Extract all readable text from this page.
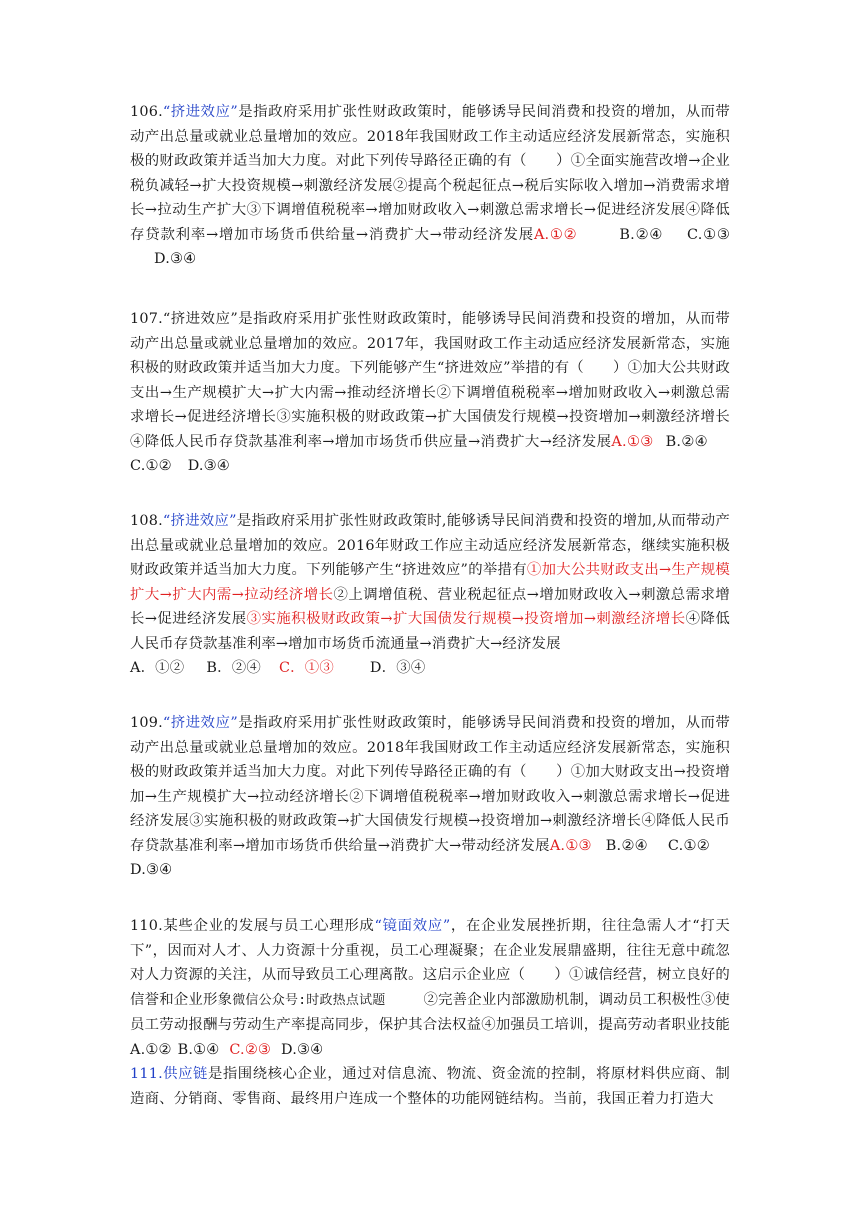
106.“挤进效应”是指政府采用扩张性财政政策时，能够诱导民间消费和投资的增加，从而带动产出总量或就业总量增加的效应。2018年我国财政工作主动适应经济发展新常态，实施积极的财政政策并适当加大力度。对此下列传导路径正确的有（　　）①全面实施营改增→企业税负减轻→扩大投资规模→刺激经济发展②提高个税起征点→税后实际收入增加→消费需求增长→拉动生产扩大③下调增值税税率→增加财政收入→刺激总需求增长→促进经济发展④降低存贷款利率→增加市场货币供给量→消费扩大→带动经济发展A.①②	B.②④ C.①③D.③④

107.“挤进效应”是指政府采用扩张性财政政策时，能够诱导民间消费和投资的增加，从而带动产出总量或就业总量增加的效应。2017年，我国财政工作主动适应经济发展新常态，实施积极的财政政策并适当加大力度。下列能够产生“挤进效应”举措的有（　　）①加大公共财政支出→生产规模扩大→扩大内需→推动经济增长②下调增值税税率→增加财政收入→刺激总需求增长→促进经济增长③实施积极的财政政策→扩大国债发行规模→投资增加→刺激经济增长④降低人民币存贷款基准利率→增加市场货币供应量→消费扩大→经济发展A.①③ B.②④C.①② D.③④

108.“挤进效应”是指政府采用扩张性财政政策时,能够诱导民间消费和投资的增加,从而带动产出总量或就业总量增加的效应。2016年财政工作应主动适应经济发展新常态，继续实施积极财政政策并适当加大力度。下列能够产生“挤进效应”的举措有①加大公共财政支出→生产规模扩大→扩大内需→拉动经济增长②上调增值税、营业税起征点→增加财政收入→刺激总需求增长→促进经济发展③实施积极财政政策→扩大国债发行规模→投资增加→刺激经济增长④降低人民币存贷款基准利率→增加市场货币流通量→消费扩大→经济发展

A．①② B．②④ C．①③	D．③④

109.“挤进效应”是指政府采用扩张性财政政策时，能够诱导民间消费和投资的增加，从而带动产出总量或就业总量增加的效应。2018年我国财政工作主动适应经济发展新常态，实施积极的财政政策并适当加大力度。对此下列传导路径正确的有（　　）①加大财政支出→投资增加→生产规模扩大→拉动经济增长②下调增值税税率→增加财政收入→刺激总需求增长→促进经济发展③实施积极的财政政策→扩大国债发行规模→投资增加→刺激经济增长④降低人民币存贷款基准利率→增加市场货币供给量→消费扩大→带动经济发展A.①③ B.②④ C.①②D.③④

110.某些企业的发展与员工心理形成“镜面效应”，在企业发展挫折期，往往急需人才“打天下”，因而对人才、人力资源十分重视，员工心理凝聚；在企业发展鼎盛期，往往无意中疏忽对人力资源的关注，从而导致员工心理离散。这启示企业应（　　）①诚信经营，树立良好的信誉和企业形象微信公众号:时政热点试题	②完善企业内部激励机制，调动员工积极性③使员工劳动报酬与劳动生产率提高同步，保护其合法权益④加强员工培训，提高劳动者职业技能A.①② B.①④ C.②③ D.③④

111.供应链是指围绕核心企业，通过对信息流、物流、资金流的控制，将原材料供应商、制造商、分销商、零售商、最终用户连成一个整体的功能网链结构。当前，我国正着力打造大
